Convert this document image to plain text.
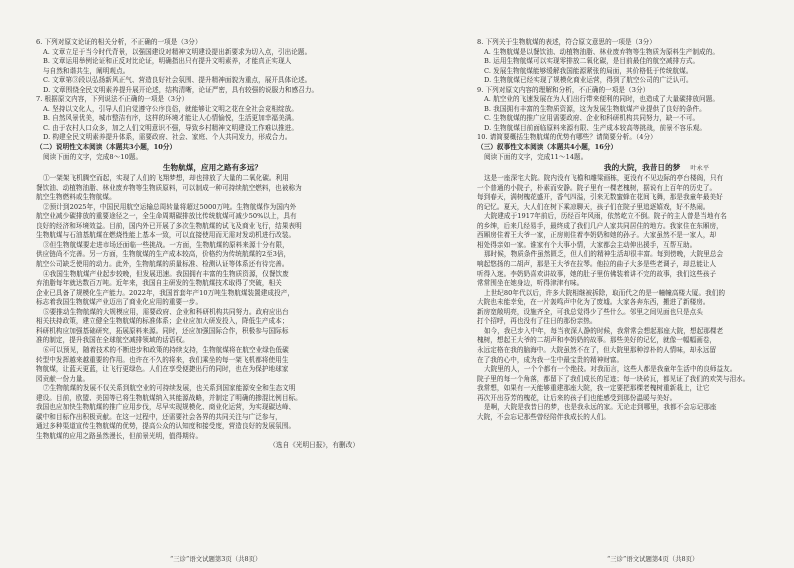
6. 下列对原文论证的相关分析，不正确的一项是（3分）
A. 文章立足于当今时代背景，以强国建设对精神文明建设提出新要求为切入点，引出论题。
B. 文章运用举例论证和正反对比论证，明确指出只有提升文明素养，才能真正实现人
与自然和谐共生，阐明观点。
C. 文章第③段以弘扬新风正气、营造良好社会氛围、提升精神面貌为重点，展开具体论述。
D. 文章围绕全民文明素养提升展开论述，结构清晰，论证严密，具有较强的说服力和感召力。
7. 根据原文内容，下列说法不正确的一项是（3分）
A. 坚持以文化人，引导人们自觉遵守公序良俗，就能够让文明之花在全社会竞相绽放。
B. 自然风景优美，城市整洁有序，这样的环境才能让人心情愉悦，生活更加幸福美满。
C. 由于农村人口众多，加之人们文明意识不强，导致乡村精神文明建设工作难以推进。
D. 构建全民文明素养提升体系，需要政府、社会、家庭、个人共同发力，形成合力。
（二）说明性文本阅读（本题共3小题，10分）
阅读下面的文字，完成8～10题。
生物航煤，应用之路有多远？
①一架架飞机腾空而起，实现了人们的飞翔梦想，却也排放了大量的二氧化碳。利用
餐饮油、动植物油脂、林业废弃物等生物质原料，可以制成一种可持续航空燃料，也被称为
航空生物燃料或生物航煤。
②预计到2025年，中国民用航空运输总周转量将超过5000万吨。生物航煤作为国内外
航空业减少碳排放的重要途径之一，全生命周期碳排放比传统航煤可减少50%以上，具有
良好的经济和环境效益。目前，国内外已开展了多次生物航煤的试飞及商业飞行，结果表明
生物航煤与石油基航煤在燃烧性能上基本一致，可以直接使用而无需对发动机进行改装。
③但生物航煤要走进市场还面临一些挑战。一方面，生物航煤的原料来源十分有限，
供应链尚不完善。另一方面，生物航煤的生产成本较高，价格约为传统航煤的2至3倍，
航空公司缺乏使用的动力。此外，生物航煤的质量标准、检测认证等体系还有待完善。
④我国生物航煤产业起步较晚，但发展迅速。我国拥有丰富的生物质资源，仅餐饮废
弃油脂每年就达数百万吨。近年来，我国自主研发的生物航煤技术取得了突破，相关
企业已具备了规模化生产能力。2022年，我国首套年产10万吨生物航煤装置建成投产，
标志着我国生物航煤产业迈出了商业化应用的重要一步。
⑤要推动生物航煤的大规模应用，需要政府、企业和科研机构共同努力。政府应出台
相关扶持政策，建立健全生物航煤的标准体系；企业应加大研发投入，降低生产成本；
科研机构应加强基础研究，拓展原料来源。同时，还应加强国际合作，积极参与国际标
准的制定，提升我国在全球航空减排领域的话语权。
⑥可以预见，随着技术的不断进步和政策的持续支持，生物航煤将在航空业绿色低碳
转型中发挥越来越重要的作用。也许在不久的将来，我们乘坐的每一架飞机都将使用生
物航煤，让蓝天更蓝，让飞行更绿色。人们在享受便捷出行的同时，也在为保护地球家
园贡献一份力量。
⑦生物航煤的发展不仅关系到航空业的可持续发展，也关系到国家能源安全和生态文明
建设。目前，欧盟、美国等已将生物航煤纳入其能源战略，并制定了明确的掺混比例目标。
我国也应加快生物航煤的推广应用步伐，尽早实现规模化、商业化运营，为实现碳达峰、
碳中和目标作出积极贡献。在这一过程中，还需要社会各界的共同关注与广泛参与，
通过多种渠道宣传生物航煤的优势，提高公众的认知度和接受度，营造良好的发展氛围。
生物航煤的应用之路虽然漫长，但前景光明，值得期待。
（选自《光明日报》，有删改）
“三诊”语文试题第3页（共8页）
8. 下列关于生物航煤的表述，符合原文意思的一项是（3分）
A. 生物航煤是以餐饮油、动植物油脂、林业废弃物等生物质为原料生产制成的。
B. 运用生物航煤可以实现零排放二氧化碳，是目前最佳的航空减排方式。
C. 发展生物航煤能够缓解我国能源紧张的局面，其价格低于传统航煤。
D. 生物航煤已经实现了规模化商业运营，得到了航空公司的广泛认可。
9. 下列对原文内容的理解和分析，不正确的一项是（3分）
A. 航空业的飞速发展在为人们出行带来便利的同时，也造成了大量碳排放问题。
B. 我国拥有丰富的生物质资源，这为发展生物航煤产业提供了良好的条件。
C. 生物航煤的推广应用需要政府、企业和科研机构共同努力，缺一不可。
D. 生物航煤目前面临原料来源有限、生产成本较高等挑战，前景不容乐观。
10. 请简要概括生物航煤的优势有哪些？请简要分析。（4分）
（三）叙事性文本阅读（本题共4小题，16分）
阅读下面的文字，完成11～14题。
我的大院，我昔日的梦 叶永平
这是一座深宅大院。院内没有飞檐和雕梁画栋，更没有不见边际的亭台楼阁，只有
一个普通的小院子，朴素而安静。院子里有一棵老槐树，据说有上百年的历史了。
每到春天，满树槐花盛开，香气四溢，引来无数蜜蜂在花间飞舞，那是我童年最美好
的记忆。夏天，大人们在树下乘凉聊天，孩子们在院子里追逐嬉戏，好不热闹。
大院建成于1917年前后，历经百年风雨，依然屹立不倒。院子的主人曾是当地有名
的乡绅，后来几经易手，最终成了我们几户人家共同居住的地方。我家住在东厢房，
西厢房住着王大爷一家，正房则住着李奶奶和她的孙子。大家虽然不是一家人，却
相处得亲如一家。谁家有个大事小情，大家都会主动伸出援手，互帮互助。
那时候，物质条件虽然匮乏，但人们的精神生活却很丰富。每到傍晚，大院里总会
响起悠扬的二胡声，那是王大爷在拉琴。他拉的曲子大多是些老调子，却总能让人
听得入迷。李奶奶喜欢讲故事，她的肚子里仿佛装着讲不完的故事，我们这些孩子
常常围坐在她身边，听得津津有味。
上世纪80年代以后，许多大院相继被拆除，取而代之的是一幢幢高楼大厦。我们的
大院也未能幸免，在一片轰鸣声中化为了废墟。大家各奔东西，搬进了新楼房。
新房宽敞明亮，设施齐全，可我总觉得少了些什么。邻里之间见面也只是点头
打个招呼，再也没有了往日的那份亲热。
如今，我已步入中年，每当夜深人静的时候，我常常会想起那座大院，想起那棵老
槐树，想起王大爷的二胡声和李奶奶的故事。那些美好的记忆，就像一幅幅画卷，
永远定格在我的脑海中。大院虽然不在了，但大院里那种淳朴的人情味，却永远留
在了我的心中，成为我一生中最宝贵的精神财富。
大院里的人，一个个都有一个绝技。对我而言，这些人都是我童年生活中的良师益友。
院子里的每一个角落，都留下了我们成长的足迹；每一块砖瓦，都见证了我们的欢笑与泪水。
我常想，如果有一天能够重建那座大院，我一定要把那棵老槐树重新栽上，让它
再次开出芬芳的槐花，让后来的孩子们也能感受到那份温暖与美好。
是啊，大院是我昔日的梦，也是我永远的家。无论走到哪里，我都不会忘记那座
大院，不会忘记那些曾经陪伴我成长的人们。
“三诊”语文试题第4页（共8页）
